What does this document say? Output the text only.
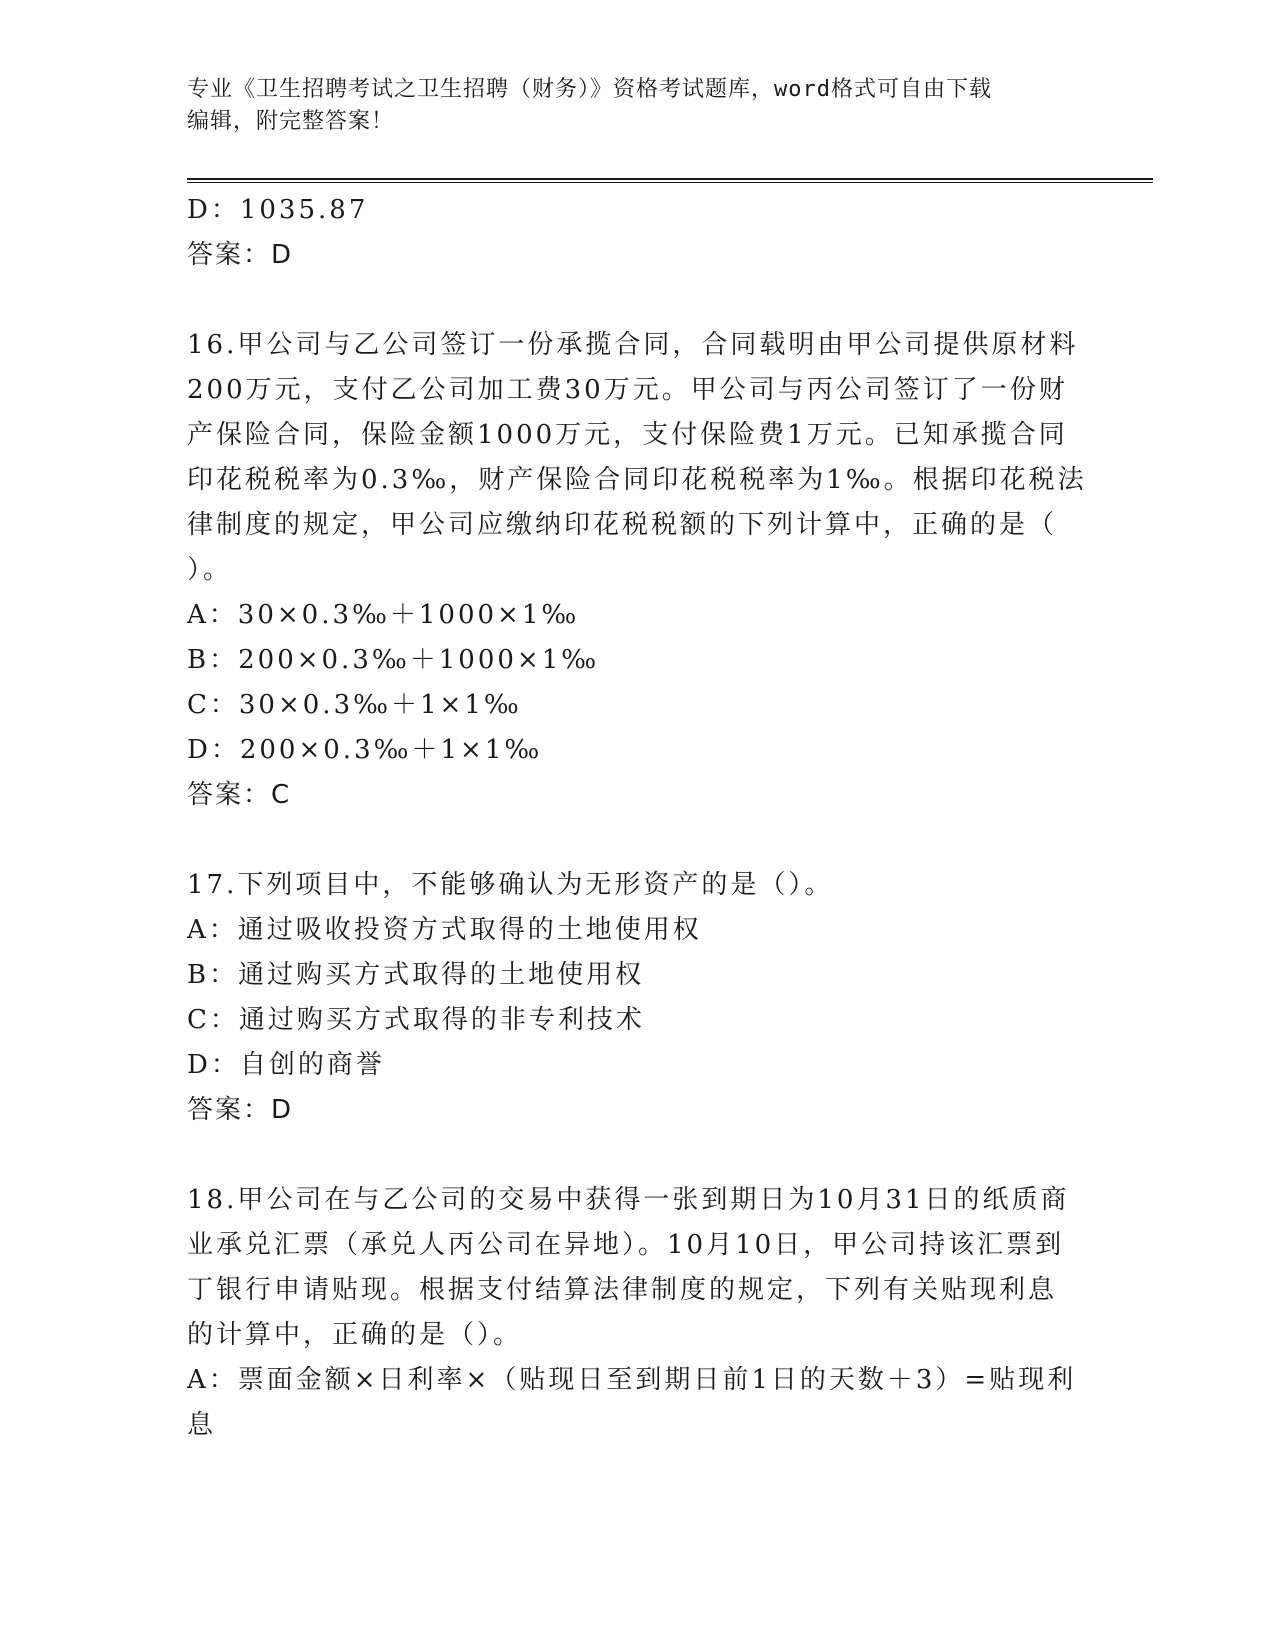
专业《卫生招聘考试之卫生招聘（财务）》资格考试题库，word格式可自由下载
编辑，附完整答案！
D：1035.87
答案：D
16.甲公司与乙公司签订一份承揽合同，合同载明由甲公司提供原材料
200万元，支付乙公司加工费30万元。甲公司与丙公司签订了一份财
产保险合同，保险金额1000万元，支付保险费1万元。已知承揽合同
印花税税率为0.3‰，财产保险合同印花税税率为1‰。根据印花税法
律制度的规定，甲公司应缴纳印花税税额的下列计算中，正确的是（
）。
A：30×0.3‰＋1000×1‰
B：200×0.3‰＋1000×1‰
C：30×0.3‰＋1×1‰
D：200×0.3‰＋1×1‰
答案：C
17.下列项目中，不能够确认为无形资产的是（）。
A：通过吸收投资方式取得的土地使用权
B：通过购买方式取得的土地使用权
C：通过购买方式取得的非专利技术
D：自创的商誉
答案：D
18.甲公司在与乙公司的交易中获得一张到期日为10月31日的纸质商
业承兑汇票（承兑人丙公司在异地）。10月10日，甲公司持该汇票到
丁银行申请贴现。根据支付结算法律制度的规定，下列有关贴现利息
的计算中，正确的是（）。
A：票面金额×日利率×（贴现日至到期日前1日的天数＋3）=贴现利
息
